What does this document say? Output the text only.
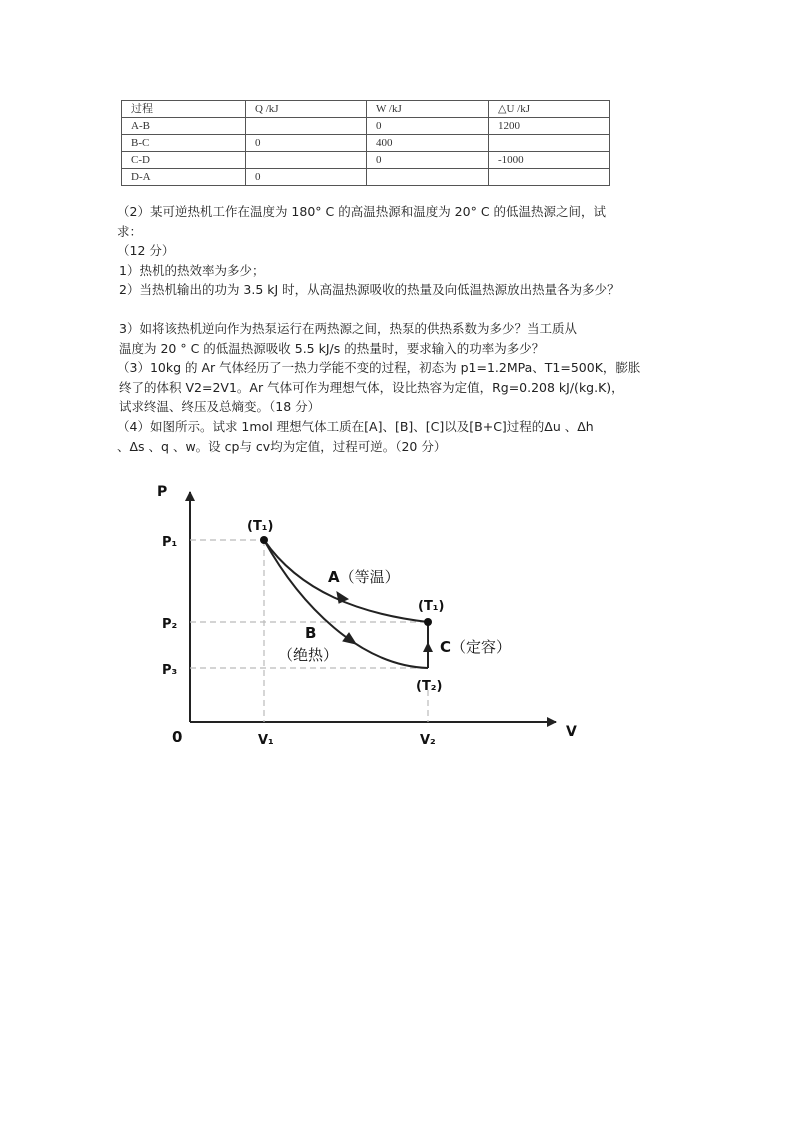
过程	Q /kJ	W /kJ	△U /kJ
A-B		0	1200
B-C	0	400	
C-D		0	-1000
D-A	0		

（2）某可逆热机工作在温度为 180° C 的高温热源和温度为 20° C 的低温热源之间，试

求：

（12 分）

1）热机的热效率为多少；

2）当热机输出的功为 3.5 kJ 时，从高温热源吸收的热量及向低温热源放出热量各为多少？

3）如将该热机逆向作为热泵运行在两热源之间，热泵的供热系数为多少？当工质从

温度为 20 ° C 的低温热源吸收 5.5 kJ/s 的热量时，要求输入的功率为多少？

（3）10kg 的 Ar 气体经历了一热力学能不变的过程，初态为 p1=1.2MPa、T1=500K，膨胀

终了的体积 V2=2V1。Ar 气体可作为理想气体，设比热容为定值，Rg=0.208 kJ/(kg.K)，

试求终温、终压及总熵变。（18 分）

（4）如图所示。试求 1mol 理想气体工质在[A]、[B]、[C]以及[B+C]过程的Δu 、Δh

、Δs 、q 、w。设 cp与 cv均为定值，过程可逆。（20 分）

P
V
0
P₁
P₂
P₃
V₁	V₂
(T₁)
(T₁)
(T₂)
A（等温）
B
（绝热）	C（定容）
